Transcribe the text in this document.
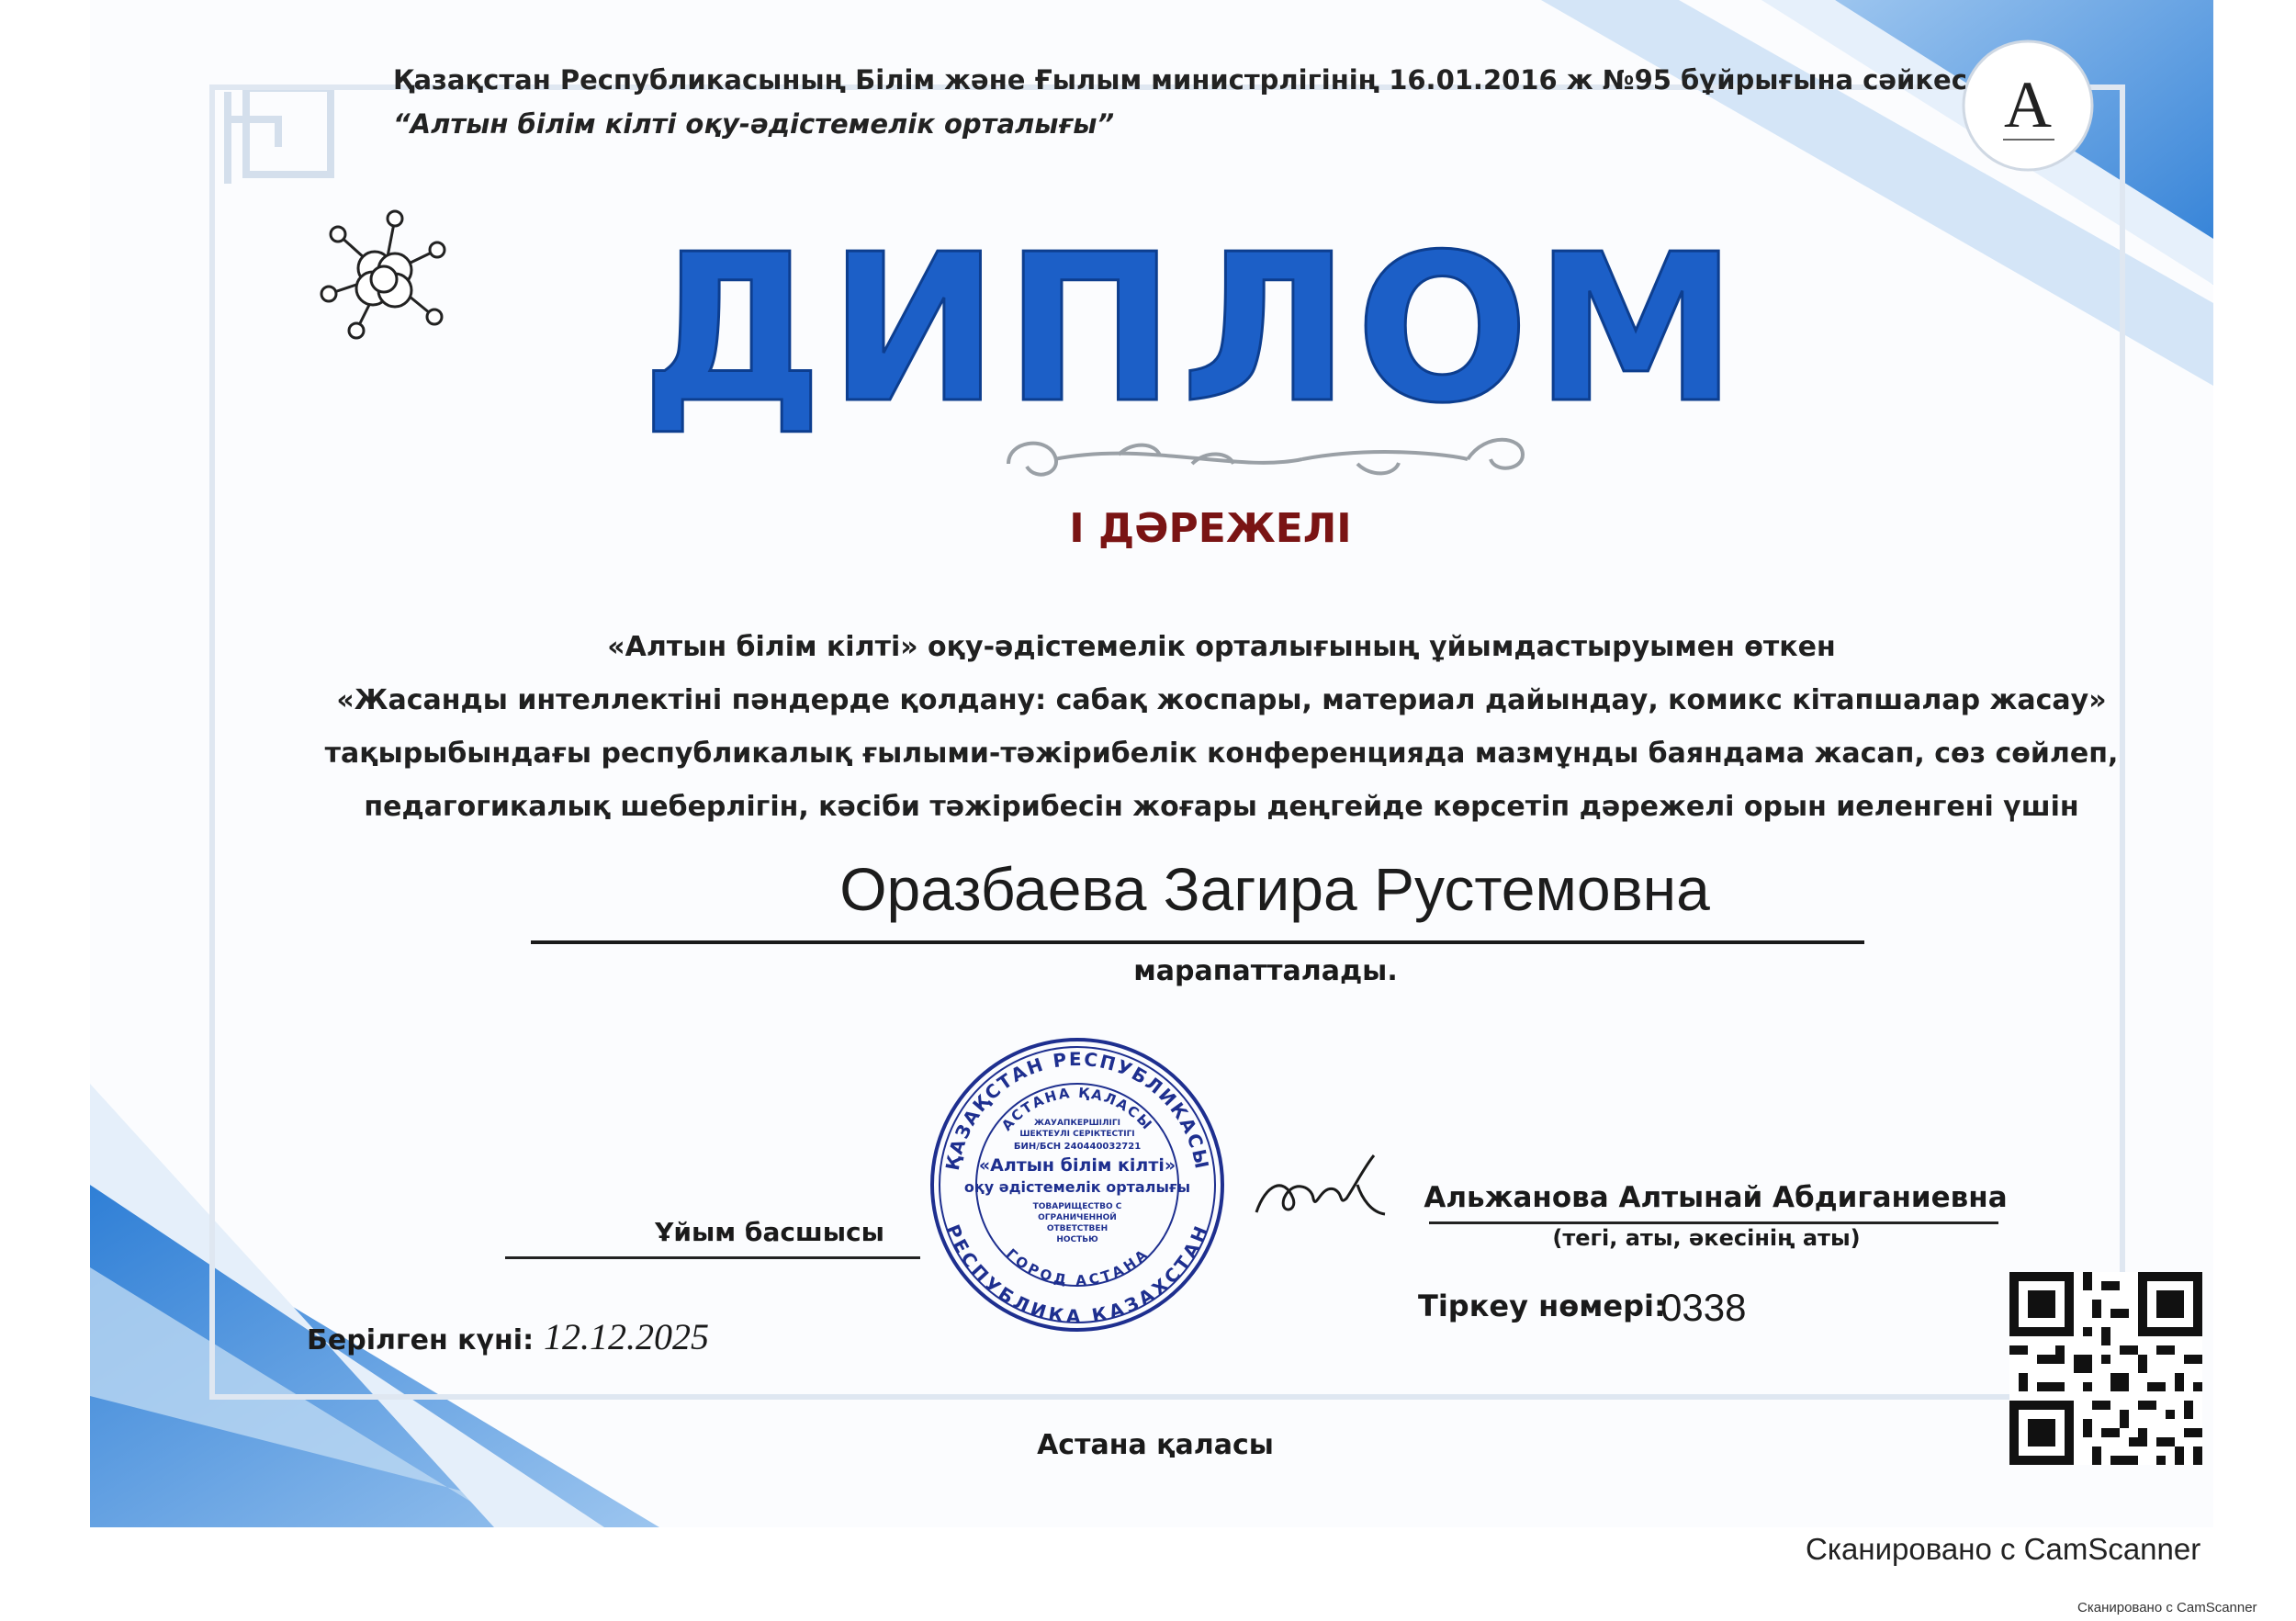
A
Қазақстан Республикасының Білім және Ғылым министрлігінің 16.01.2016 ж №95 бұйрығына сәйкес
“Алтын білім кілті оқу-әдістемелік орталығы”
ДИПЛОМ
І ДӘРЕЖЕЛІ
«Алтын білім кілті» оқу-әдістемелік орталығының ұйымдастыруымен өткен
«Жасанды интеллектіні пәндерде қолдану: сабақ жоспары, материал дайындау, комикс кітапшалар жасау»
тақырыбындағы республикалық ғылыми-тәжірибелік конференцияда мазмұнды баяндама жасап, сөз сөйлеп,
педагогикалық шеберлігін, кәсіби тәжірибесін жоғары деңгейде көрсетіп дәрежелі орын иеленгені үшін
Оразбаева Загира Рустемовна
марапатталады.
ҚАЗАҚСТАН РЕСПУБЛИКАСЫ
АСТАНА ҚАЛАСЫ
РЕСПУБЛИКА КАЗАХСТАН
ГОРОД АСТАНА
ЖАУАПКЕРШІЛІГІ
ШЕКТЕУЛІ СЕРІКТЕСТІГІ
БИН/БСН 240440032721
«Алтын білім кілті»
оқу әдістемелік орталығы
ТОВАРИЩЕСТВО С
ОГРАНИЧЕННОЙ
ОТВЕТСТВЕН
НОСТЬЮ
Ұйым басшысы
Альжанова Алтынай Абдиганиевна
(тегі, аты, әкесінің аты)
Тіркеу нөмері:
0338
Берілген күні: 12.12.2025
Астана қаласы
Сканировано с CamScanner
Сканировано с CamScanner
